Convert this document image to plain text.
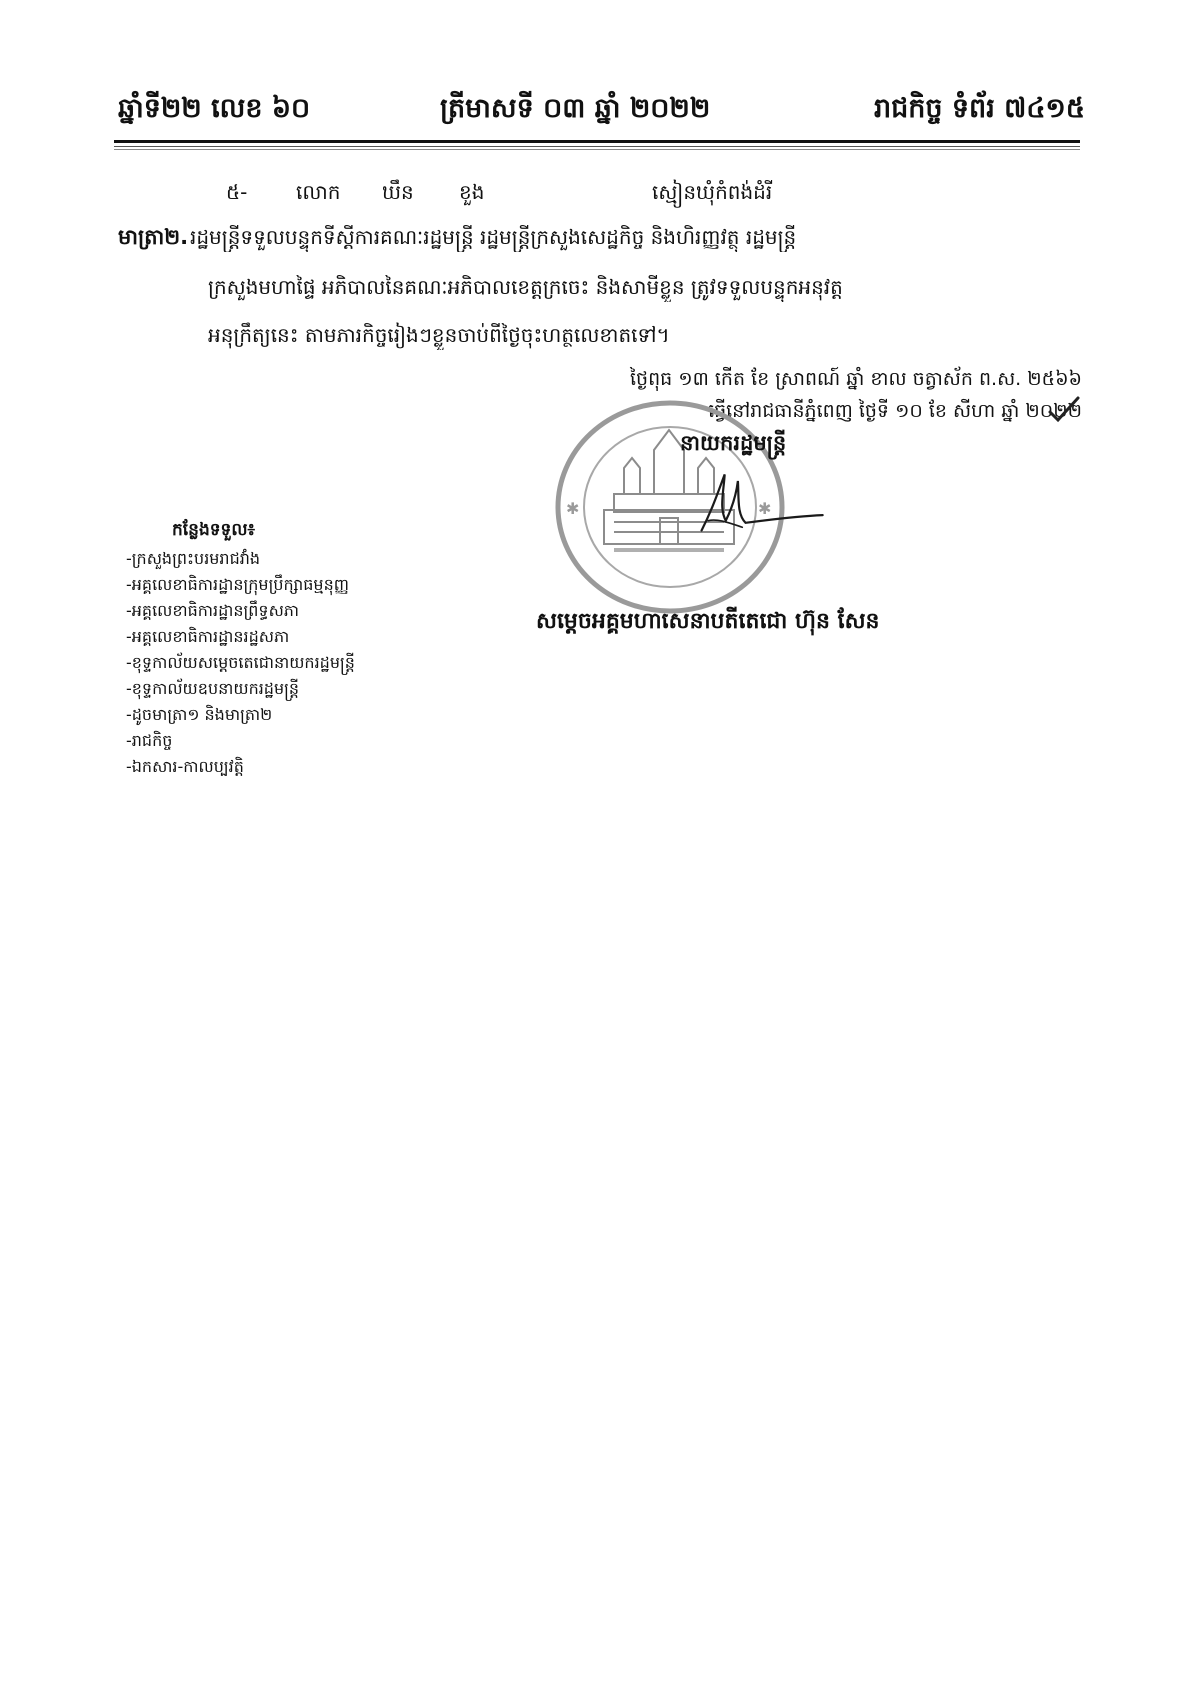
ឆ្នាំទី២២ លេខ ៦០	ត្រីមាសទី ០៣ ឆ្នាំ ២០២២	រាជកិច្ច ទំព័រ ៧៤១៥
៥- លោក ឃឹន ខួង	ស្មៀនឃុំកំពង់ដំរី
មាត្រា២. រដ្ឋមន្ត្រីទទួលបន្ទុកទីស្តីការគណៈរដ្ឋមន្ត្រី រដ្ឋមន្ត្រីក្រសួងសេដ្ឋកិច្ច និងហិរញ្ញវត្ថុ រដ្ឋមន្ត្រី
ក្រសួងមហាផ្ទៃ អភិបាលនៃគណៈអភិបាលខេត្តក្រចេះ និងសាមីខ្លួន ត្រូវទទួលបន្ទុកអនុវត្ត
អនុក្រឹត្យនេះ តាមភារកិច្ចរៀងៗខ្លួនចាប់ពីថ្ងៃចុះហត្ថលេខាតទៅ។
ថ្ងៃពុធ ១៣ កើត ខែ ស្រាពណ៍ ឆ្នាំ ខាល ចត្វាស័ក ព.ស. ២៥៦៦
ធ្វើនៅរាជធានីភ្នំពេញ ថ្ងៃទី ១០ ខែ សីហា ឆ្នាំ ២០២២
✱	✱
នាយករដ្ឋមន្ត្រី
សម្តេចអគ្គមហាសេនាបតីតេជោ ហ៊ុន សែន
កន្លែងទទួល៖
-ក្រសួងព្រះបរមរាជវាំង
-អគ្គលេខាធិការដ្ឋានក្រុមប្រឹក្សាធម្មនុញ្ញ
-អគ្គលេខាធិការដ្ឋានព្រឹទ្ធសភា
-អគ្គលេខាធិការដ្ឋានរដ្ឋសភា
-ខុទ្ទកាល័យសម្តេចតេជោនាយករដ្ឋមន្ត្រី
-ខុទ្ទកាល័យឧបនាយករដ្ឋមន្ត្រី
-ដូចមាត្រា១ និងមាត្រា២
-រាជកិច្ច
-ឯកសារ-កាលប្បវត្តិ
